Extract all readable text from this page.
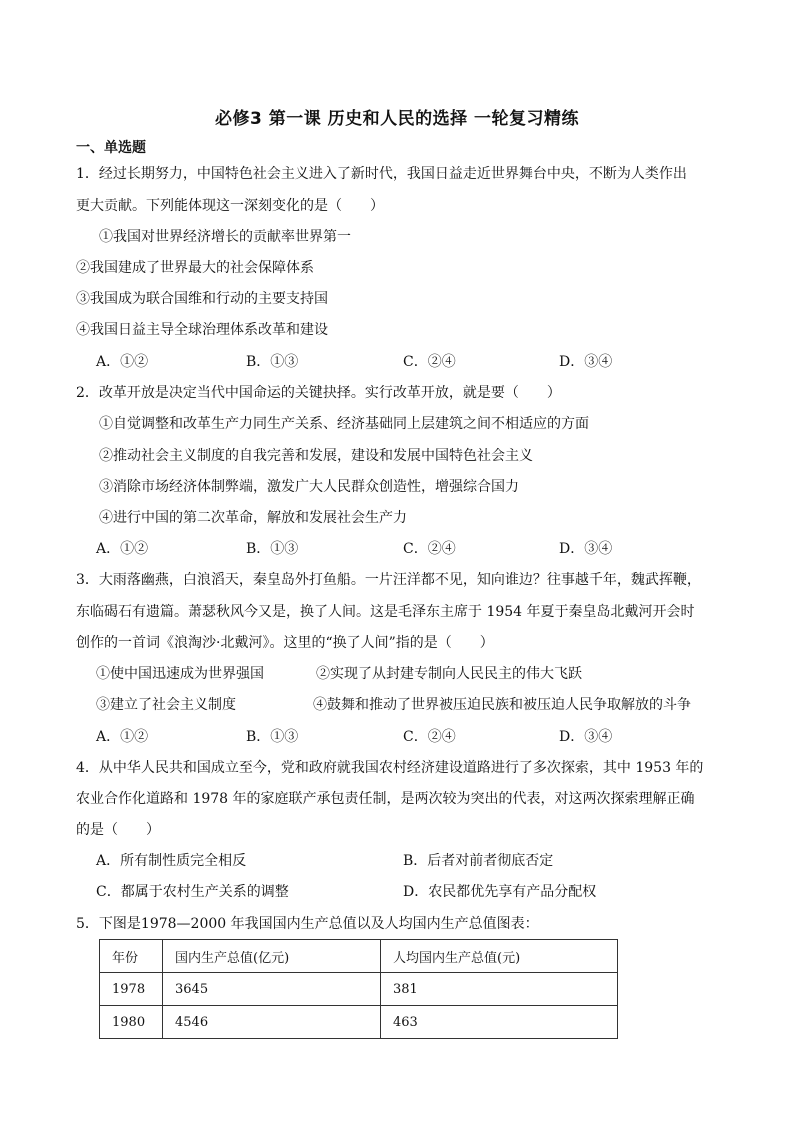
必修3 第一课 历史和人民的选择 一轮复习精练
一、单选题
1．经过长期努力，中国特色社会主义进入了新时代，我国日益走近世界舞台中央，不断为人类作出
更大贡献。下列能体现这一深刻变化的是（　　）
①我国对世界经济增长的贡献率世界第一
②我国建成了世界最大的社会保障体系
③我国成为联合国维和行动的主要支持国
④我国日益主导全球治理体系改革和建设
A．①②	B．①③	C．②④	D．③④
2．改革开放是决定当代中国命运的关键抉择。实行改革开放，就是要（　　）
①自觉调整和改革生产力同生产关系、经济基础同上层建筑之间不相适应的方面
②推动社会主义制度的自我完善和发展，建设和发展中国特色社会主义
③消除市场经济体制弊端，激发广大人民群众创造性，增强综合国力
④进行中国的第二次革命，解放和发展社会生产力
A．①②	B．①③	C．②④	D．③④
3．大雨落幽燕，白浪滔天，秦皇岛外打鱼船。一片汪洋都不见，知向谁边？往事越千年，魏武挥鞭，
东临碣石有遗篇。萧瑟秋风今又是，换了人间。这是毛泽东主席于 1954 年夏于秦皇岛北戴河开会时
创作的一首词《浪淘沙·北戴河》。这里的“换了人间”指的是（　　）
①使中国迅速成为世界强国	②实现了从封建专制向人民民主的伟大飞跃
③建立了社会主义制度	④鼓舞和推动了世界被压迫民族和被压迫人民争取解放的斗争
A．①②	B．①③	C．②④	D．③④
4．从中华人民共和国成立至今，党和政府就我国农村经济建设道路进行了多次探索，其中 1953 年的
农业合作化道路和 1978 年的家庭联产承包责任制，是两次较为突出的代表，对这两次探索理解正确
的是（　　）
A．所有制性质完全相反	B．后者对前者彻底否定
C．都属于农村生产关系的调整	D．农民都优先享有产品分配权
5．下图是1978—2000 年我国国内生产总值以及人均国内生产总值图表：
年份	国内生产总值(亿元)	人均国内生产总值(元)
1978	3645	381
1980	4546	463
